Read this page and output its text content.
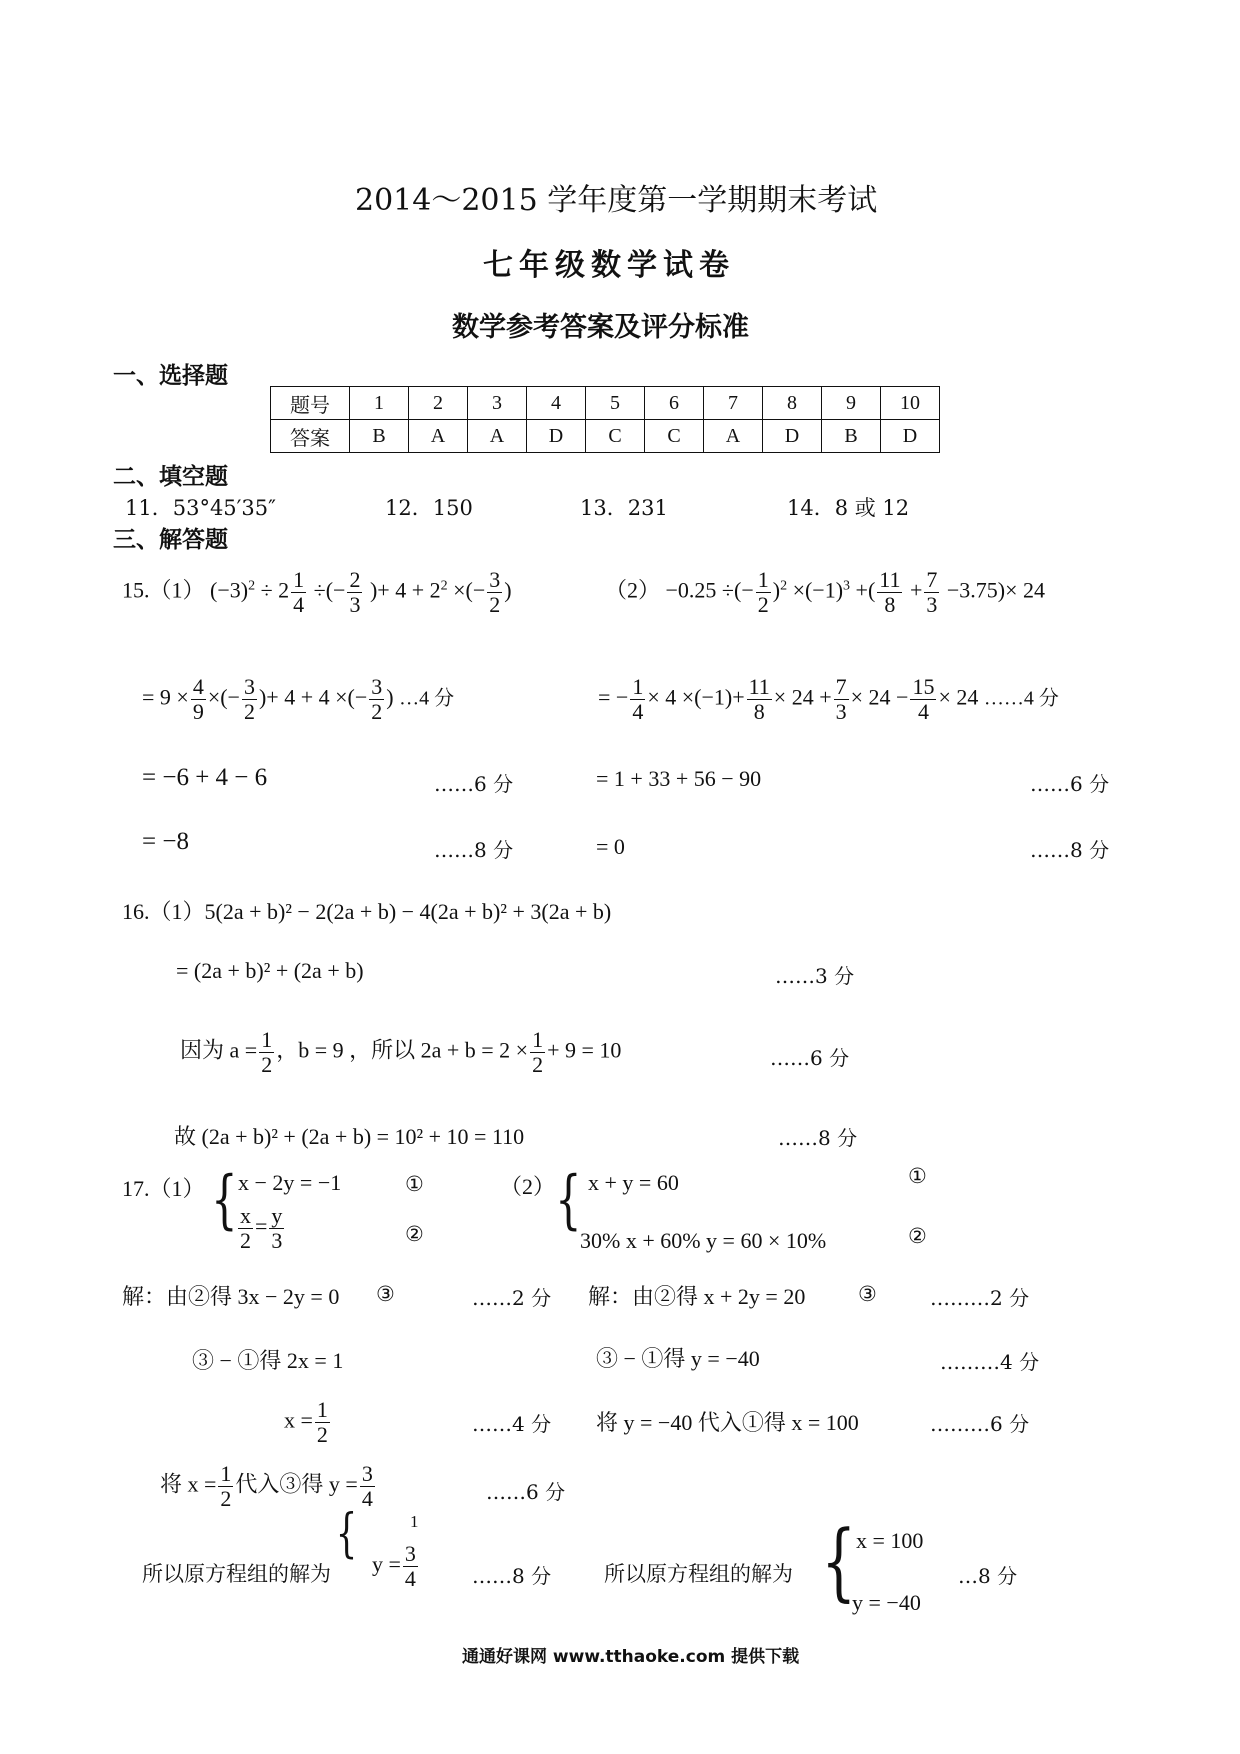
2014～2015 学年度第一学期期末考试
七年级数学试卷
数学参考答案及评分标准
一、选择题
题号	1	2	3	4	5	6	7	8	9	10
答案	B	A	A	D	C	C	A	D	B	D
二、填空题
11．53°45′35″	12．150	13．231	14．8 或 12
三、解答题
15.（1） $(-3)^2 \div 2 \frac{1}{4}$ ÷(− $\frac{2}{3}$ )+ $4 + 2^2$ ×(− $\frac{3}{2}$ )	（2） −0.25 ÷(− $\frac{1}{2} )^2 \times(-1)^3$ +( $\frac{11}{8} + \frac{7}{3} -3.75)\times 24$
= $9 \times \frac{4}{9}$ ×(− $\frac{3}{2}$ )+ 4 + 4 ×(− $\frac{3}{2}$ ) …4 分	= − $\frac{1}{4} \times 4 \times(-1)+ \frac{11}{8} \times 24 + \frac{7}{3} \times 24 - \frac{15}{4} \times 24$ ……4 分
= −6 + 4 − 6	……6 分	= 1 + 33 + 56 − 90	……6 分
= −8	……8 分	= 0	……8 分
16.（1）5(2a + b)² − 2(2a + b) − 4(2a + b)² + 3(2a + b)
= (2a + b)² + (2a + b)	……3 分
因为 $a = \frac{1}{2}$ ，b = 9 ，所以 $2a + b = 2 \times \frac{1}{2} + 9 = 10$	……6 分
故 (2a + b)² + (2a + b) = 10² + 10 = 110	……8 分
17.（1） { x − 2y = −1
$\frac{x}{2} = \frac{y}{3}$
①
②
（2） { x + y = 60
30% x + 60% y = 60 × 10%
①
②
解：由②得 3x − 2y = 0 ③	……2 分 解：由②得 x + 2y = 20	③	………2 分
③ − ①得 2x = 1	③ − ①得 y = −40	………4 分
$x = \frac{1}{2}$	……4 分 将 y = −40 代入①得 x = 100	………6 分
将 $x = \frac{1}{2}$ 代入③得 $y = \frac{3}{4}$	……6 分
所以原方程组的解为
{	1
$y = \frac{3}{4}$	……8 分	所以原方程组的解为 { x = 100
y = −40
…8 分
通通好课网 www.tthaoke.com 提供下载
